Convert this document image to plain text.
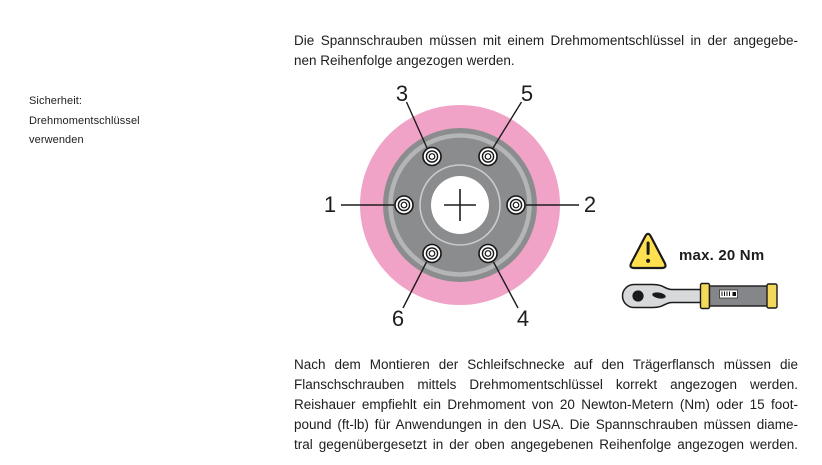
Sicherheit:
Drehmomentschlüssel
verwenden
Die Spannschrauben müssen mit einem Drehmomentschlüssel in der angegebe-
nen Reihenfolge angezogen werden.
1	2
3	5
6	4
max. 20 Nm
Nach dem Montieren der Schleifschnecke auf den Trägerflansch müssen die
Flanschschrauben mittels Drehmomentschlüssel korrekt angezogen werden.
Reishauer empfiehlt ein Drehmoment von 20 Newton-Metern (Nm) oder 15 foot-
pound (ft-lb) für Anwendungen in den USA. Die Spannschrauben müssen diame-
tral gegenübergesetzt in der oben angegebenen Reihenfolge angezogen werden.
